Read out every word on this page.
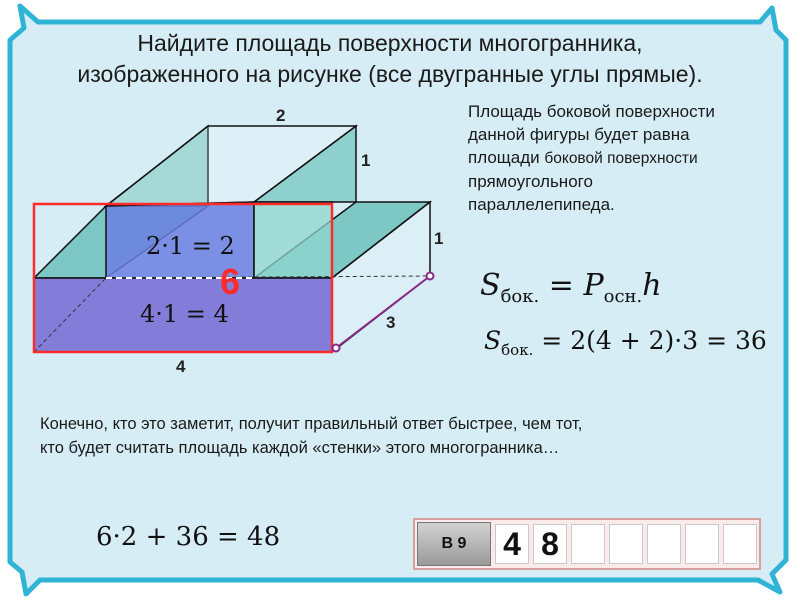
Найдите площадь поверхности многогранника,
изображенного на рисунке (все двугранные углы прямые).
2
1
1
3
4
2·1 = 2
4·1 = 4
6
Площадь боковой поверхности
данной фигуры будет равна
площади боковой поверхности
прямоугольного
параллелепипеда.
$S_{бок.} = P_{осн.}h$
$S_{бок.} = 2(4 + 2)\cdot 3 = 36$
Конечно, кто это заметит, получит правильный ответ быстрее, чем тот,
кто будет считать площадь каждой «стенки» этого многогранника…
6·2 + 36 = 48	В 9	4 8
